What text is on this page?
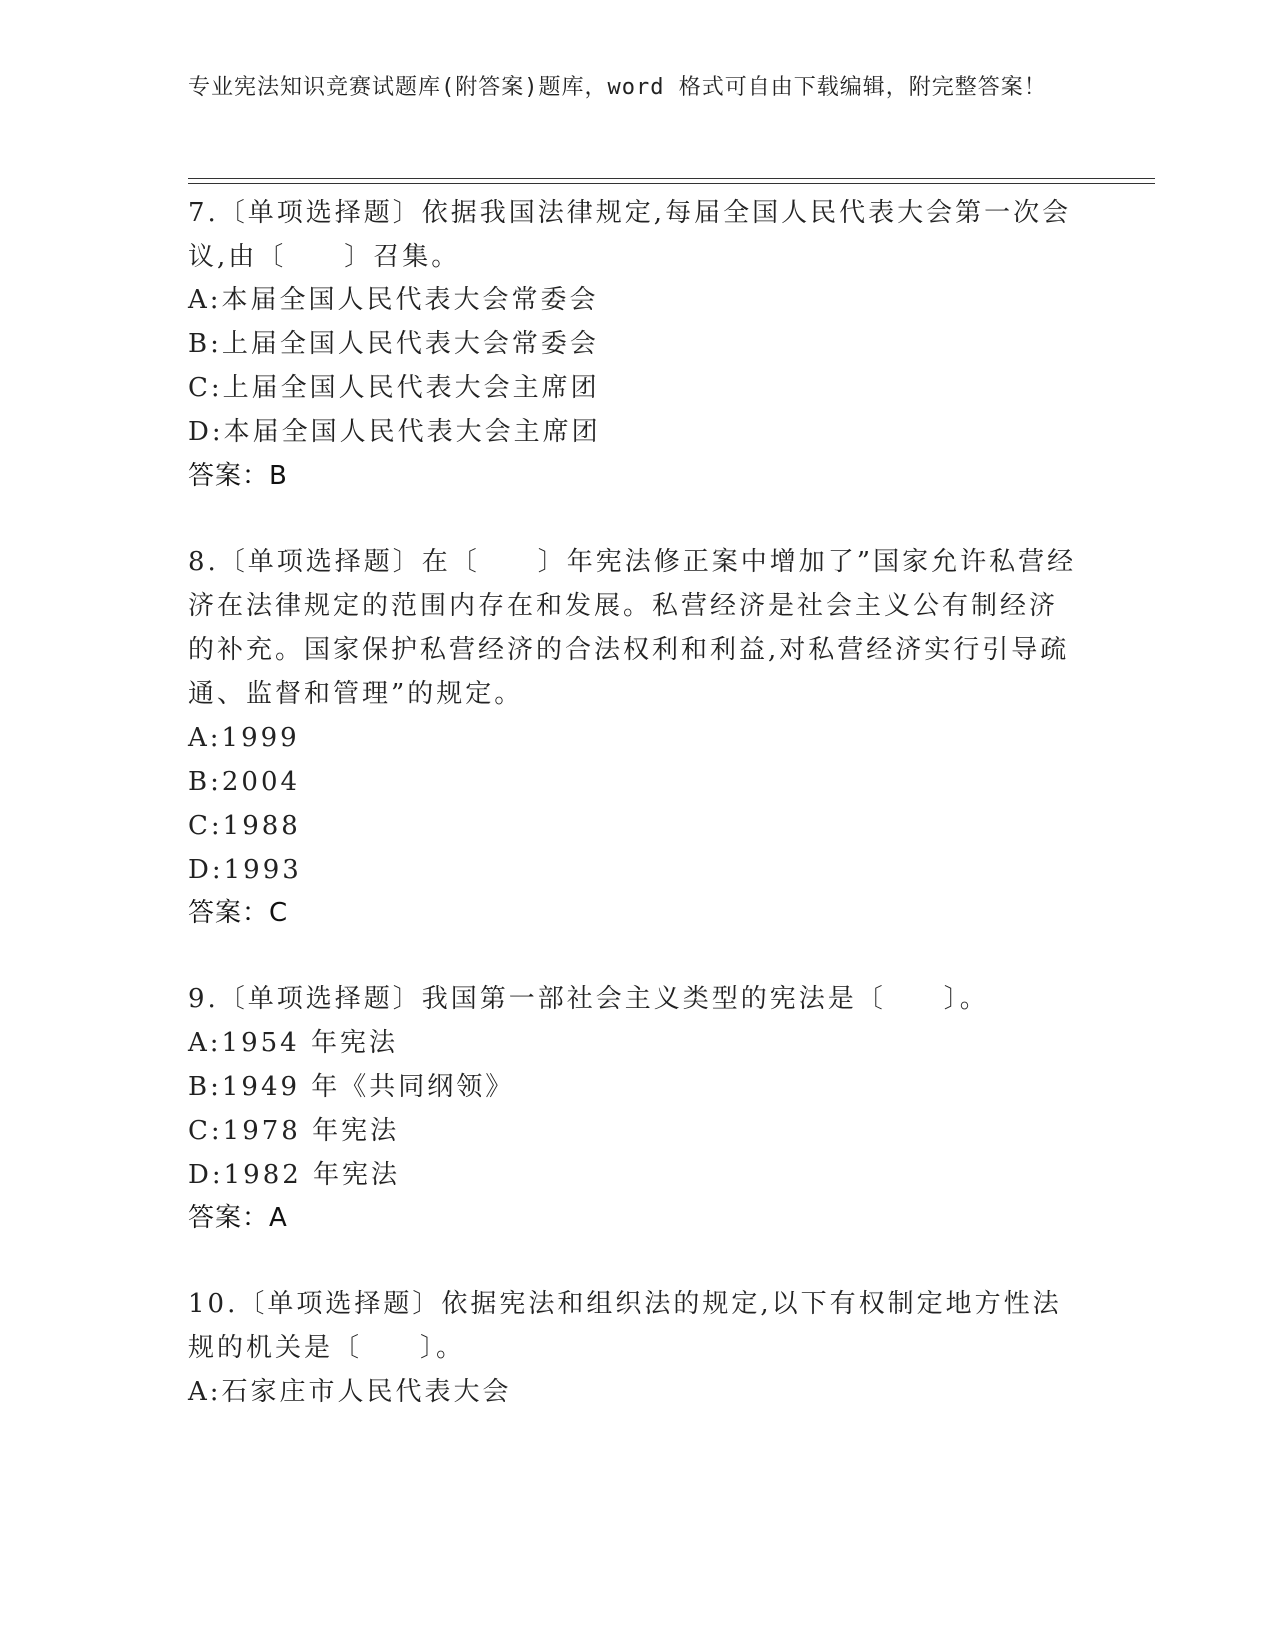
专业宪法知识竞赛试题库(附答案)题库，word 格式可自由下载编辑，附完整答案！
7.〔单项选择题〕依据我国法律规定,每届全国人民代表大会第一次会
议,由〔　　〕召集。
A:本届全国人民代表大会常委会
B:上届全国人民代表大会常委会
C:上届全国人民代表大会主席团
D:本届全国人民代表大会主席团
答案：B
8.〔单项选择题〕在〔　　〕年宪法修正案中增加了”国家允许私营经
济在法律规定的范围内存在和发展。私营经济是社会主义公有制经济
的补充。国家保护私营经济的合法权利和利益,对私营经济实行引导疏
通、监督和管理”的规定。
A:1999
B:2004
C:1988
D:1993
答案：C
9.〔单项选择题〕我国第一部社会主义类型的宪法是〔　　〕。
A:1954 年宪法
B:1949 年《共同纲领》
C:1978 年宪法
D:1982 年宪法
答案：A
10.〔单项选择题〕依据宪法和组织法的规定,以下有权制定地方性法
规的机关是〔　　〕。
A:石家庄市人民代表大会
